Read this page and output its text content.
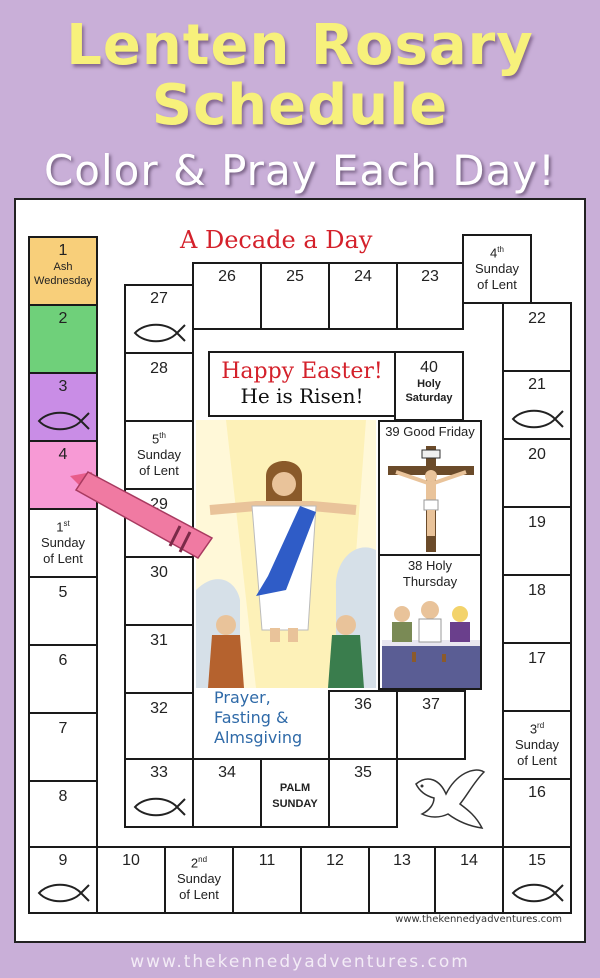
Lenten Rosary
Schedule
Color & Pray Each Day!
A Decade a Day
1
Ash Wednesday
2
3
4
1st
Sunday
of Lent
5
6
7
8
9	10	2nd
Sunday
of Lent
11	12	13	14	15
16
3rd
Sunday
of Lent
17
18
19
20
21
22
4th
Sunday
of Lent
23
24
25
26
27
28
5th
Sunday
of Lent
29
30
31
32
33	34
PALM
SUNDAY
35
36	37
38 Holy
Thursday
39 Good Friday
40
Holy
Saturday
Happy Easter!
He is Risen!
Prayer,
Fasting &
Almsgiving
www.thekennedyadventures.com
www.thekennedyadventures.com
